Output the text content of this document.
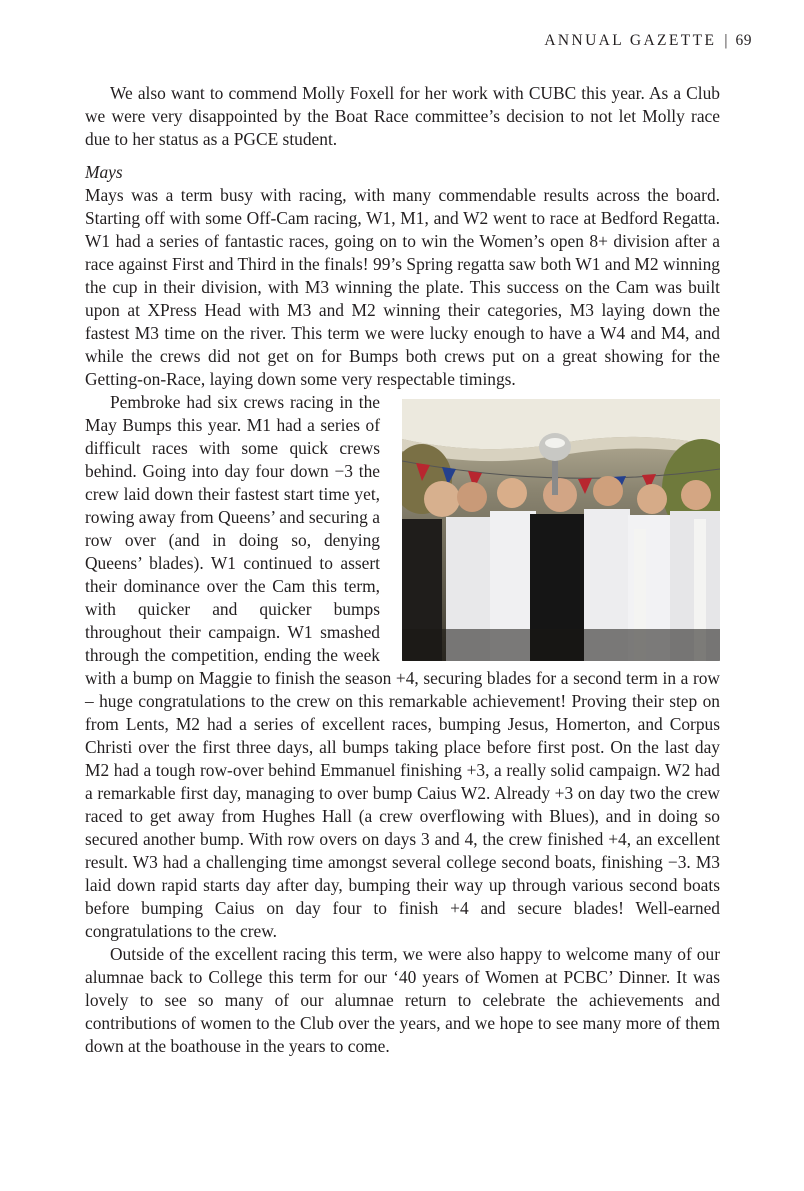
ANNUAL GAZETTE | 69

We also want to commend Molly Foxell for her work with CUBC this year. As a Club we were very disappointed by the Boat Race committee’s decision to not let Molly race due to her status as a PGCE student.

Mays

Mays was a term busy with racing, with many commendable results across the board. Starting off with some Off-Cam racing, W1, M1, and W2 went to race at Bedford Regatta. W1 had a series of fantastic races, going on to win the Women’s open 8+ division after a race against First and Third in the finals! 99’s Spring regatta saw both W1 and M2 winning the cup in their division, with M3 winning the plate. This success on the Cam was built upon at XPress Head with M3 and M2 winning their categories, M3 laying down the fastest M3 time on the river. This term we were lucky enough to have a W4 and M4, and while the crews did not get on for Bumps both crews put on a great showing for the Getting-on-Race, laying down some very respectable timings.

Pembroke had six crews racing in the May Bumps this year. M1 had a series of difficult races with some quick crews behind. Going into day four down −3 the crew laid down their fastest start time yet, rowing away from Queens’ and securing a row over (and in doing so, denying Queens’ blades). W1 continued to assert their dominance over the Cam this term, with quicker and quicker bumps throughout their campaign. W1 smashed through the competition, ending the week with a bump on Maggie to finish the season +4, securing blades for a second term in a row – huge congratulations to the crew on this remarkable achievement! Proving their step on from Lents, M2 had a series of excellent races, bumping Jesus, Homerton, and Corpus Christi over the first three days, all bumps taking place before first post. On the last day M2 had a tough row-over behind Emmanuel finishing +3, a really solid campaign. W2 had a remarkable first day, managing to over bump Caius W2. Already +3 on day two the crew raced to get away from Hughes Hall (a crew overflowing with Blues), and in doing so secured another bump. With row overs on days 3 and 4, the crew finished +4, an excellent result. W3 had a challenging time amongst several college second boats, finishing −3. M3 laid down rapid starts day after day, bumping their way up through various second boats before bumping Caius on day four to finish +4 and secure blades! Well-earned congratulations to the crew.

Outside of the excellent racing this term, we were also happy to welcome many of our alumnae back to College this term for our ‘40 years of Women at PCBC’ Dinner. It was lovely to see so many of our alumnae return to celebrate the achievements and contributions of women to the Club over the years, and we hope to see many more of them down at the boathouse in the years to come.
